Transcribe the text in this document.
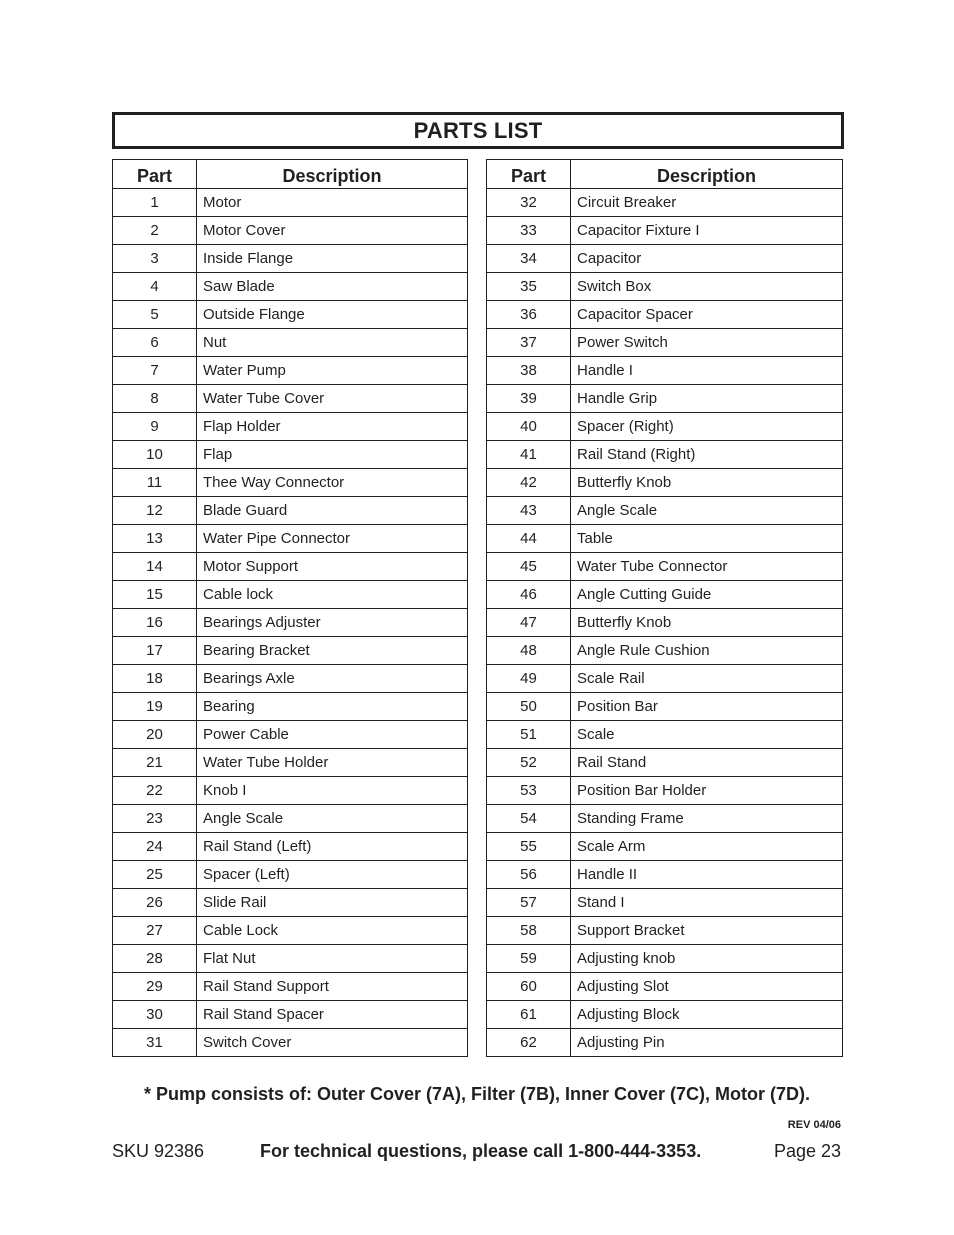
PARTS LIST
Part	Description
1	Motor
2	Motor Cover
3	Inside Flange
4	Saw Blade
5	Outside Flange
6	Nut
7	Water Pump
8	Water Tube Cover
9	Flap Holder
10	Flap
11	Thee Way Connector
12	Blade Guard
13	Water Pipe Connector
14	Motor Support
15	Cable lock
16	Bearings Adjuster
17	Bearing Bracket
18	Bearings Axle
19	Bearing
20	Power Cable
21	Water Tube Holder
22	Knob I
23	Angle Scale
24	Rail Stand (Left)
25	Spacer (Left)
26	Slide Rail
27	Cable Lock
28	Flat Nut
29	Rail Stand Support
30	Rail Stand Spacer
31	Switch Cover
Part	Description
32	Circuit Breaker
33	Capacitor Fixture I
34	Capacitor
35	Switch Box
36	Capacitor Spacer
37	Power Switch
38	Handle I
39	Handle Grip
40	Spacer (Right)
41	Rail Stand (Right)
42	Butterfly Knob
43	Angle Scale
44	Table
45	Water Tube Connector
46	Angle Cutting Guide
47	Butterfly Knob
48	Angle Rule Cushion
49	Scale Rail
50	Position Bar
51	Scale
52	Rail Stand
53	Position Bar Holder
54	Standing Frame
55	Scale Arm
56	Handle II
57	Stand I
58	Support Bracket
59	Adjusting knob
60	Adjusting Slot
61	Adjusting Block
62	Adjusting Pin
* Pump consists of: Outer Cover (7A), Filter (7B), Inner Cover (7C), Motor (7D).
REV 04/06
SKU 92386	For technical questions, please call 1-800-444-3353.	Page 23
